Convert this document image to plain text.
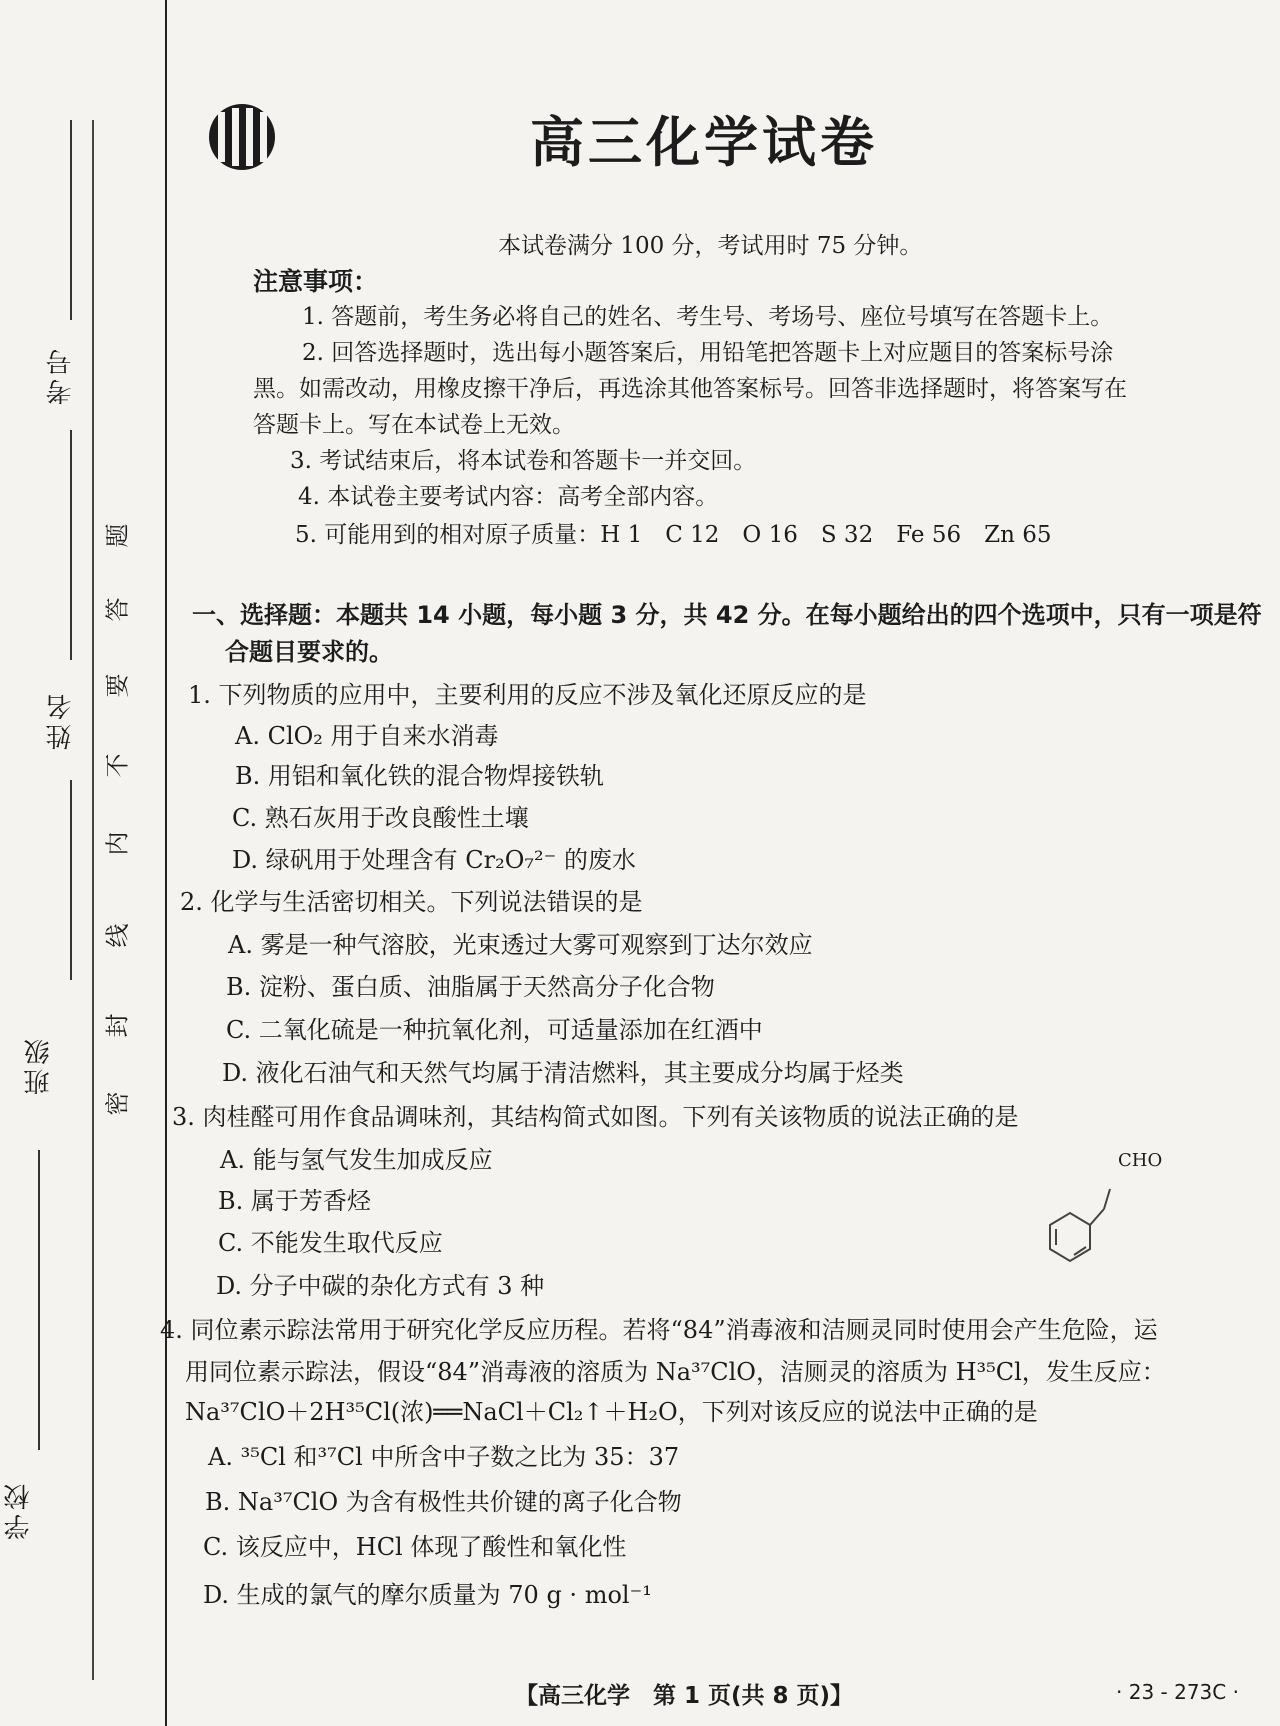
考号
姓名
班级
学校
题
答
要
不
内
线
封
密
高三化学试卷
本试卷满分 100 分，考试用时 75 分钟。
注意事项：
1. 答题前，考生务必将自己的姓名、考生号、考场号、座位号填写在答题卡上。
2. 回答选择题时，选出每小题答案后，用铅笔把答题卡上对应题目的答案标号涂
黑。如需改动，用橡皮擦干净后，再选涂其他答案标号。回答非选择题时，将答案写在
答题卡上。写在本试卷上无效。
3. 考试结束后，将本试卷和答题卡一并交回。
4. 本试卷主要考试内容：高考全部内容。
5. 可能用到的相对原子质量：H 1　C 12　O 16　S 32　Fe 56　Zn 65
一、选择题：本题共 14 小题，每小题 3 分，共 42 分。在每小题给出的四个选项中，只有一项是符
合题目要求的。
1. 下列物质的应用中，主要利用的反应不涉及氧化还原反应的是
A. ClO₂ 用于自来水消毒
B. 用铝和氧化铁的混合物焊接铁轨
C. 熟石灰用于改良酸性土壤
D. 绿矾用于处理含有 Cr₂O₇²⁻ 的废水
2. 化学与生活密切相关。下列说法错误的是
A. 雾是一种气溶胶，光束透过大雾可观察到丁达尔效应
B. 淀粉、蛋白质、油脂属于天然高分子化合物
C. 二氧化硫是一种抗氧化剂，可适量添加在红酒中
D. 液化石油气和天然气均属于清洁燃料，其主要成分均属于烃类
3. 肉桂醛可用作食品调味剂，其结构简式如图。下列有关该物质的说法正确的是
A. 能与氢气发生加成反应
B. 属于芳香烃
C. 不能发生取代反应
D. 分子中碳的杂化方式有 3 种
CHO
4. 同位素示踪法常用于研究化学反应历程。若将“84”消毒液和洁厕灵同时使用会产生危险，运
用同位素示踪法，假设“84”消毒液的溶质为 Na³⁷ClO，洁厕灵的溶质为 H³⁵Cl，发生反应：
Na³⁷ClO＋2H³⁵Cl(浓)══NaCl＋Cl₂↑＋H₂O，下列对该反应的说法中正确的是
A. ³⁵Cl 和³⁷Cl 中所含中子数之比为 35：37
B. Na³⁷ClO 为含有极性共价键的离子化合物
C. 该反应中，HCl 体现了酸性和氧化性
D. 生成的氯气的摩尔质量为 70 g · mol⁻¹
【高三化学　第 1 页(共 8 页)】	· 23 - 273C ·
